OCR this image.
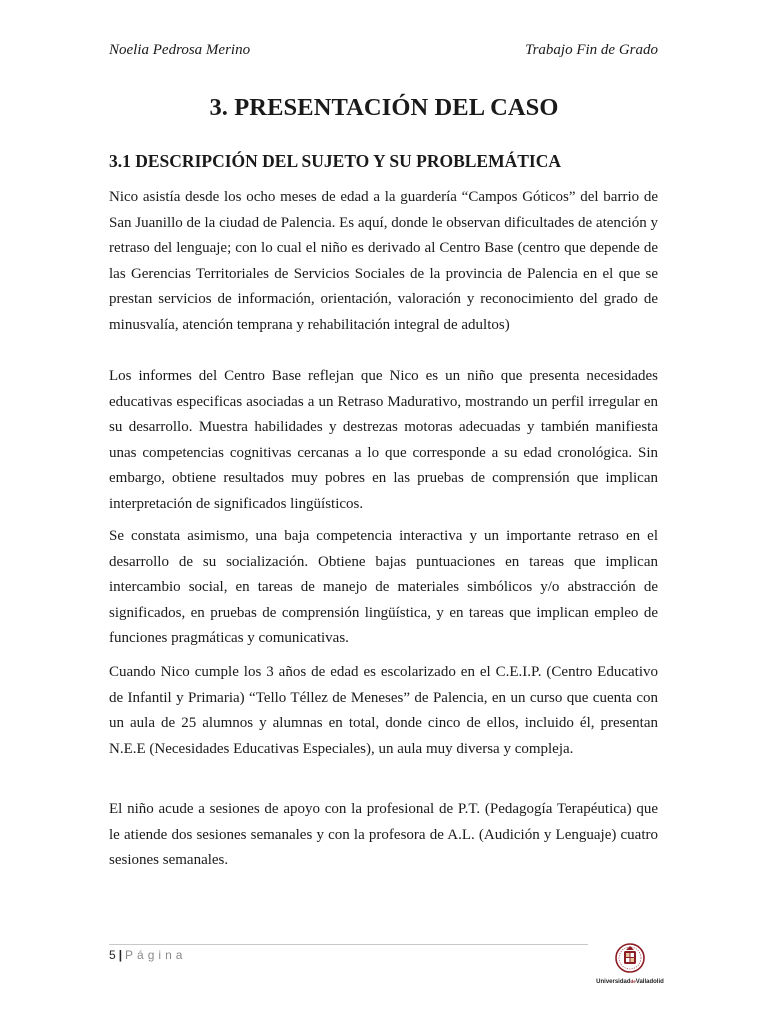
Noelia Pedrosa Merino	Trabajo Fin de Grado
3. PRESENTACIÓN DEL CASO
3.1 DESCRIPCIÓN DEL SUJETO Y SU PROBLEMÁTICA

Nico asistía desde los ocho meses de edad a la guardería “Campos Góticos” del barrio de San Juanillo de la ciudad de Palencia. Es aquí, donde le observan dificultades de atención y retraso del lenguaje; con lo cual el niño es derivado al Centro Base (centro que depende de las Gerencias Territoriales de Servicios Sociales de la provincia de Palencia en el que se prestan servicios de información, orientación, valoración y reconocimiento del grado de minusvalía, atención temprana y rehabilitación integral de adultos)

Los informes del Centro Base reflejan que Nico es un niño que presenta necesidades educativas especificas asociadas a un Retraso Madurativo, mostrando un perfil irregular en su desarrollo. Muestra habilidades y destrezas motoras adecuadas y también manifiesta unas competencias cognitivas cercanas a lo que corresponde a su edad cronológica. Sin embargo, obtiene resultados muy pobres en las pruebas de comprensión que implican interpretación de significados lingüísticos.

Se constata asimismo, una baja competencia interactiva y un importante retraso en el desarrollo de su socialización. Obtiene bajas puntuaciones en tareas que implican intercambio social, en tareas de manejo de materiales simbólicos y/o abstracción de significados, en pruebas de comprensión lingüística, y en tareas que implican empleo de funciones pragmáticas y comunicativas.

Cuando Nico cumple los 3 años de edad es escolarizado en el C.E.I.P. (Centro Educativo de Infantil y Primaria) “Tello Téllez de Meneses” de Palencia, en un curso que cuenta con un aula de 25 alumnos y alumnas en total, donde cinco de ellos, incluido él, presentan N.E.E (Necesidades Educativas Especiales), un aula muy diversa y compleja.

El niño acude a sesiones de apoyo con la profesional de P.T. (Pedagogía Terapéutica) que le atiende dos sesiones semanales y con la profesora de A.L. (Audición y Lenguaje) cuatro sesiones semanales.

5 | Página
UniversidaddeValladolid
